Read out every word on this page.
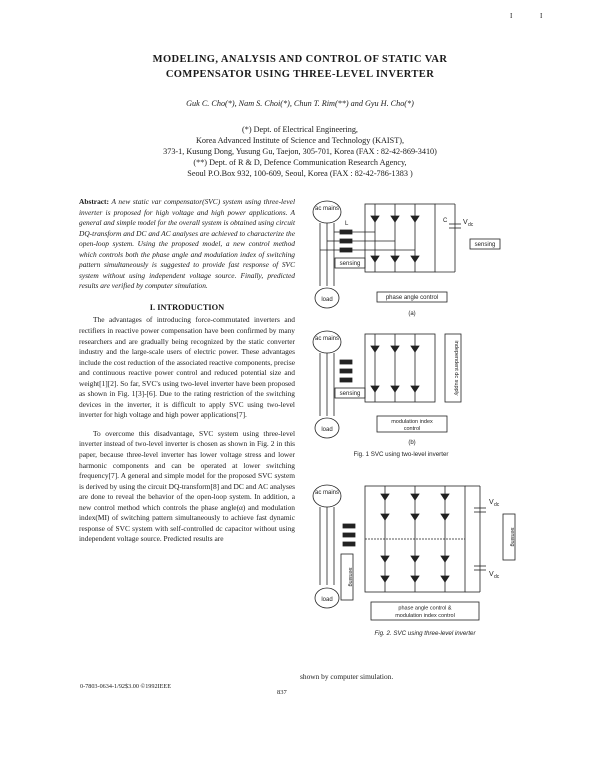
I	I
MODELING, ANALYSIS AND CONTROL OF STATIC VAR
COMPENSATOR USING THREE-LEVEL INVERTER
Guk C. Cho(*), Nam S. Choi(*), Chun T. Rim(**) and Gyu H. Cho(*)
(*) Dept. of Electrical Engineering,
Korea Advanced Institute of Science and Technology (KAIST),
373-1, Kusung Dong, Yusung Gu, Taejon, 305-701, Korea (FAX : 82-42-869-3410)
(**) Dept. of R & D, Defence Communication Research Agency,
Seoul P.O.Box 932, 100-609, Seoul, Korea (FAX : 82-42-786-1383 )

Abstract: A new static var compensator(SVC) system using three-level inverter is proposed for high voltage and high power applications. A general and simple model for the overall system is obtained using circuit DQ-transform and DC and AC analyses are achieved to characterize the open-loop system. Using the proposed model, a new control method which controls both the phase angle and modulation index of switching pattern simultaneously is suggested to provide fast response of SVC system without using independent voltage source. Finally, predicted results are verified by computer simulation.

I. INTRODUCTION

The advantages of introducing force-commutated inverters and rectifiers in reactive power compensation have been confirmed by many researchers and are gradually being recognized by the static converter industry and the large-scale users of electric power. These advantages include the cost reduction of the associated reactive components, precise and continuous reactive power control and reduced potential size and weight[1][2]. So far, SVC's using two-level inverter have been proposed as shown in Fig. 1[3]-[6]. Due to the rating restriction of the switching devices in the inverter, it is difficult to apply SVC using two-level inverter for high voltage and high power applications[7].

To overcome this disadvantage, SVC system using three-level inverter instead of two-level inverter is chosen as shown in Fig. 2 in this paper, because three-level inverter has lower voltage stress and lower harmonic components and can be operated at lower switching frequency[7]. A general and simple model for the proposed SVC system is derived by using the circuit DQ-transform[8] and DC and AC analyses are done to reveal the behavior of the open-loop system. In addition, a new control method which controls the phase angle(α) and modulation index(MI) of switching pattern simultaneously to achieve fast dynamic response of SVC system with self-controlled dc capacitor without using independent voltage source. Predicted results are

0-7803-0634-1/92$3.00 ©1992IEEE
shown by computer simulation.
837
ac mains
load
L	C V dc
sensing
sensing
phase angle control
(a)
ac mains
load
independent dc supply
sensing
modulation index
control
(b)
Fig. 1 SVC using two-level inverter
ac mains
load
V dc
V dc
sensing
sensing
phase angle control &
modulation index control
Fig. 2. SVC using three-level inverter
